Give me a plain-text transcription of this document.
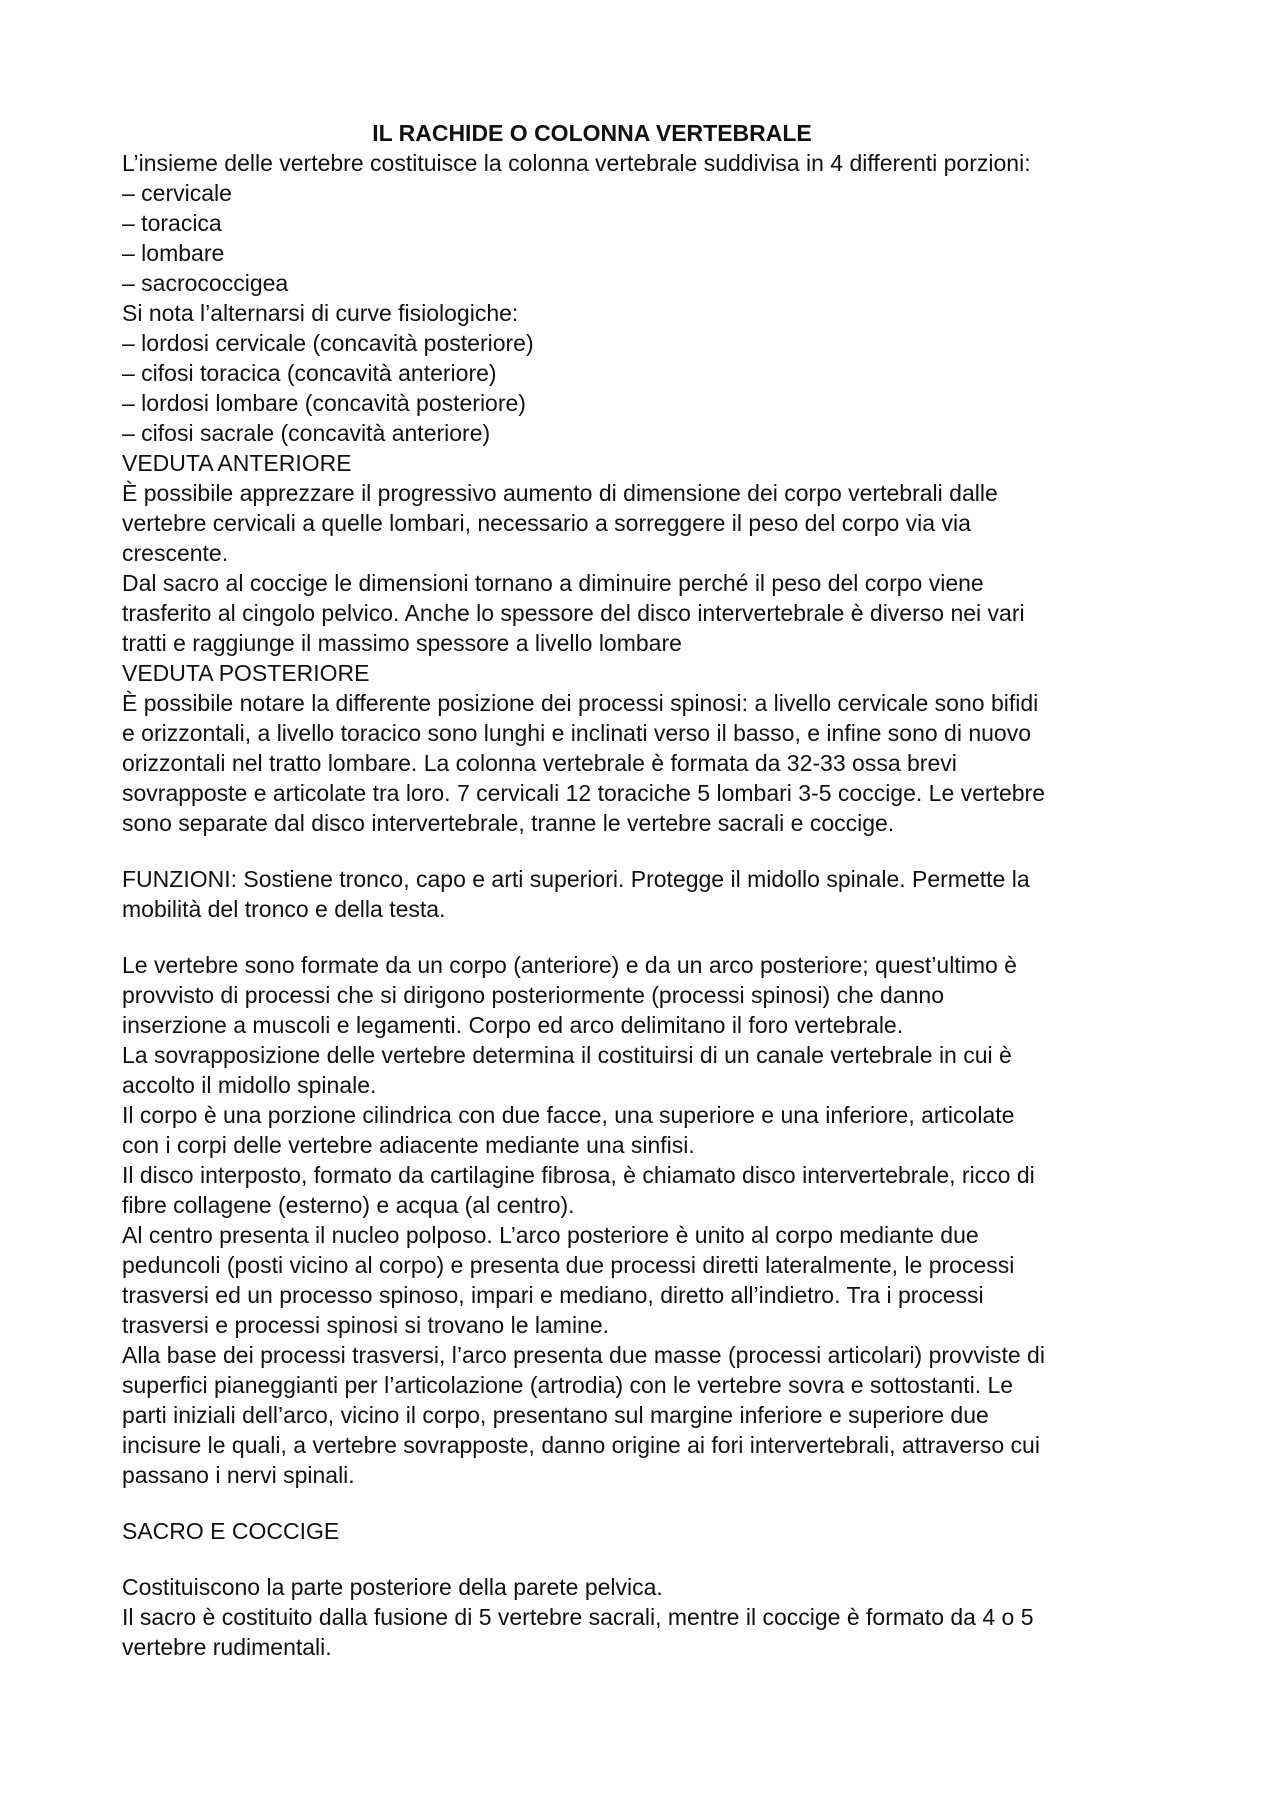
IL RACHIDE O COLONNA VERTEBRALE
L’insieme delle vertebre costituisce la colonna vertebrale suddivisa in 4 differenti porzioni:
– cervicale
– toracica
– lombare
– sacrococcigea
Si nota l’alternarsi di curve fisiologiche:
– lordosi cervicale (concavità posteriore)
– cifosi toracica (concavità anteriore)
– lordosi lombare (concavità posteriore)
– cifosi sacrale (concavità anteriore)
VEDUTA ANTERIORE
È possibile apprezzare il progressivo aumento di dimensione dei corpo vertebrali dalle
vertebre cervicali a quelle lombari, necessario a sorreggere il peso del corpo via via
crescente.
Dal sacro al coccige le dimensioni tornano a diminuire perché il peso del corpo viene
trasferito al cingolo pelvico. Anche lo spessore del disco intervertebrale è diverso nei vari
tratti e raggiunge il massimo spessore a livello lombare
VEDUTA POSTERIORE
È possibile notare la differente posizione dei processi spinosi: a livello cervicale sono bifidi
e orizzontali, a livello toracico sono lunghi e inclinati verso il basso, e infine sono di nuovo
orizzontali nel tratto lombare. La colonna vertebrale è formata da 32-33 ossa brevi
sovrapposte e articolate tra loro. 7 cervicali 12 toraciche 5 lombari 3-5 coccige. Le vertebre
sono separate dal disco intervertebrale, tranne le vertebre sacrali e coccige.
FUNZIONI: Sostiene tronco, capo e arti superiori. Protegge il midollo spinale. Permette la
mobilità del tronco e della testa.
Le vertebre sono formate da un corpo (anteriore) e da un arco posteriore; quest’ultimo è
provvisto di processi che si dirigono posteriormente (processi spinosi) che danno
inserzione a muscoli e legamenti. Corpo ed arco delimitano il foro vertebrale.
La sovrapposizione delle vertebre determina il costituirsi di un canale vertebrale in cui è
accolto il midollo spinale.
Il corpo è una porzione cilindrica con due facce, una superiore e una inferiore, articolate
con i corpi delle vertebre adiacente mediante una sinfisi.
Il disco interposto, formato da cartilagine fibrosa, è chiamato disco intervertebrale, ricco di
fibre collagene (esterno) e acqua (al centro).
Al centro presenta il nucleo polposo. L’arco posteriore è unito al corpo mediante due
peduncoli (posti vicino al corpo) e presenta due processi diretti lateralmente, le processi
trasversi ed un processo spinoso, impari e mediano, diretto all’indietro. Tra i processi
trasversi e processi spinosi si trovano le lamine.
Alla base dei processi trasversi, l’arco presenta due masse (processi articolari) provviste di
superfici pianeggianti per l’articolazione (artrodia) con le vertebre sovra e sottostanti. Le
parti iniziali dell’arco, vicino il corpo, presentano sul margine inferiore e superiore due
incisure le quali, a vertebre sovrapposte, danno origine ai fori intervertebrali, attraverso cui
passano i nervi spinali.
SACRO E COCCIGE
Costituiscono la parte posteriore della parete pelvica.
Il sacro è costituito dalla fusione di 5 vertebre sacrali, mentre il coccige è formato da 4 o 5
vertebre rudimentali.
